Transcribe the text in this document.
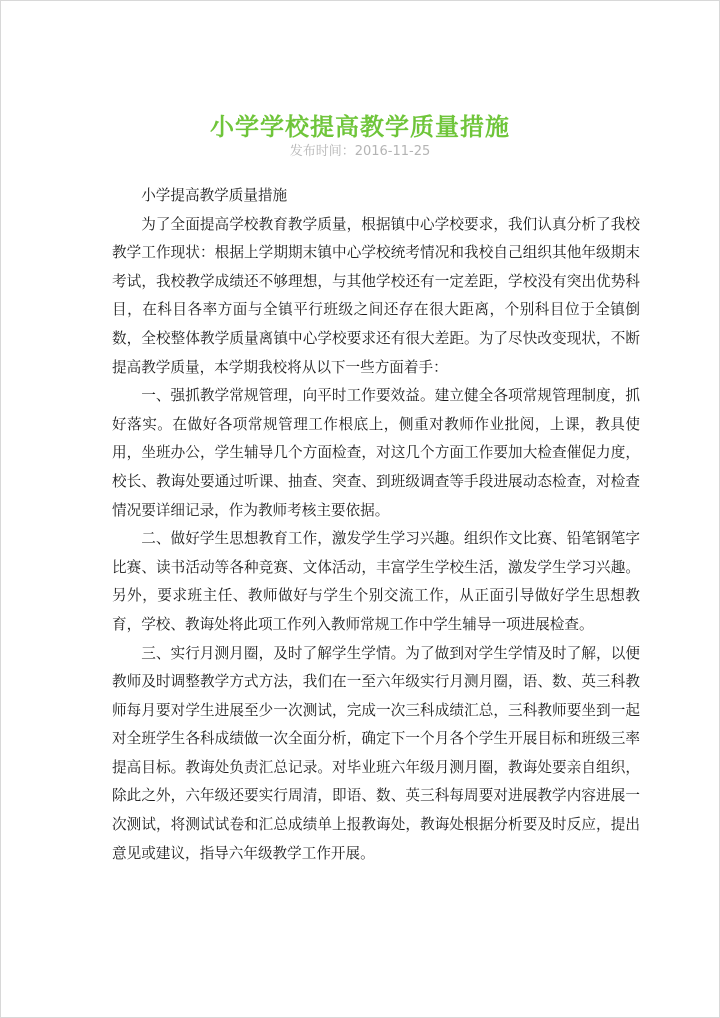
小学学校提高教学质量措施
发布时间：2016-11-25

小学提高教学质量措施

为了全面提高学校教育教学质量，根据镇中心学校要求，我们认真分析了我校教学工作现状：根据上学期期末镇中心学校统考情况和我校自己组织其他年级期末考试，我校教学成绩还不够理想，与其他学校还有一定差距，学校没有突出优势科目，在科目各率方面与全镇平行班级之间还存在很大距离，个别科目位于全镇倒数，全校整体教学质量离镇中心学校要求还有很大差距。为了尽快改变现状，不断提高教学质量，本学期我校将从以下一些方面着手：

一、强抓教学常规管理，向平时工作要效益。建立健全各项常规管理制度，抓好落实。在做好各项常规管理工作根底上，侧重对教师作业批阅，上课，教具使用，坐班办公，学生辅导几个方面检查，对这几个方面工作要加大检查催促力度，校长、教诲处要通过听课、抽查、突查、到班级调查等手段进展动态检查，对检查情况要详细记录，作为教师考核主要依据。

二、做好学生思想教育工作，激发学生学习兴趣。组织作文比赛、铅笔钢笔字比赛、读书活动等各种竞赛、文体活动，丰富学生学校生活，激发学生学习兴趣。另外，要求班主任、教师做好与学生个别交流工作，从正面引导做好学生思想教育，学校、教诲处将此项工作列入教师常规工作中学生辅导一项进展检查。

三、实行月测月圈，及时了解学生学情。为了做到对学生学情及时了解，以便教师及时调整教学方式方法，我们在一至六年级实行月测月圈，语、数、英三科教师每月要对学生进展至少一次测试，完成一次三科成绩汇总，三科教师要坐到一起对全班学生各科成绩做一次全面分析，确定下一个月各个学生开展目标和班级三率提高目标。教诲处负责汇总记录。对毕业班六年级月测月圈，教诲处要亲自组织，除此之外，六年级还要实行周清，即语、数、英三科每周要对进展教学内容进展一次测试，将测试试卷和汇总成绩单上报教诲处，教诲处根据分析要及时反应，提出意见或建议，指导六年级教学工作开展。
